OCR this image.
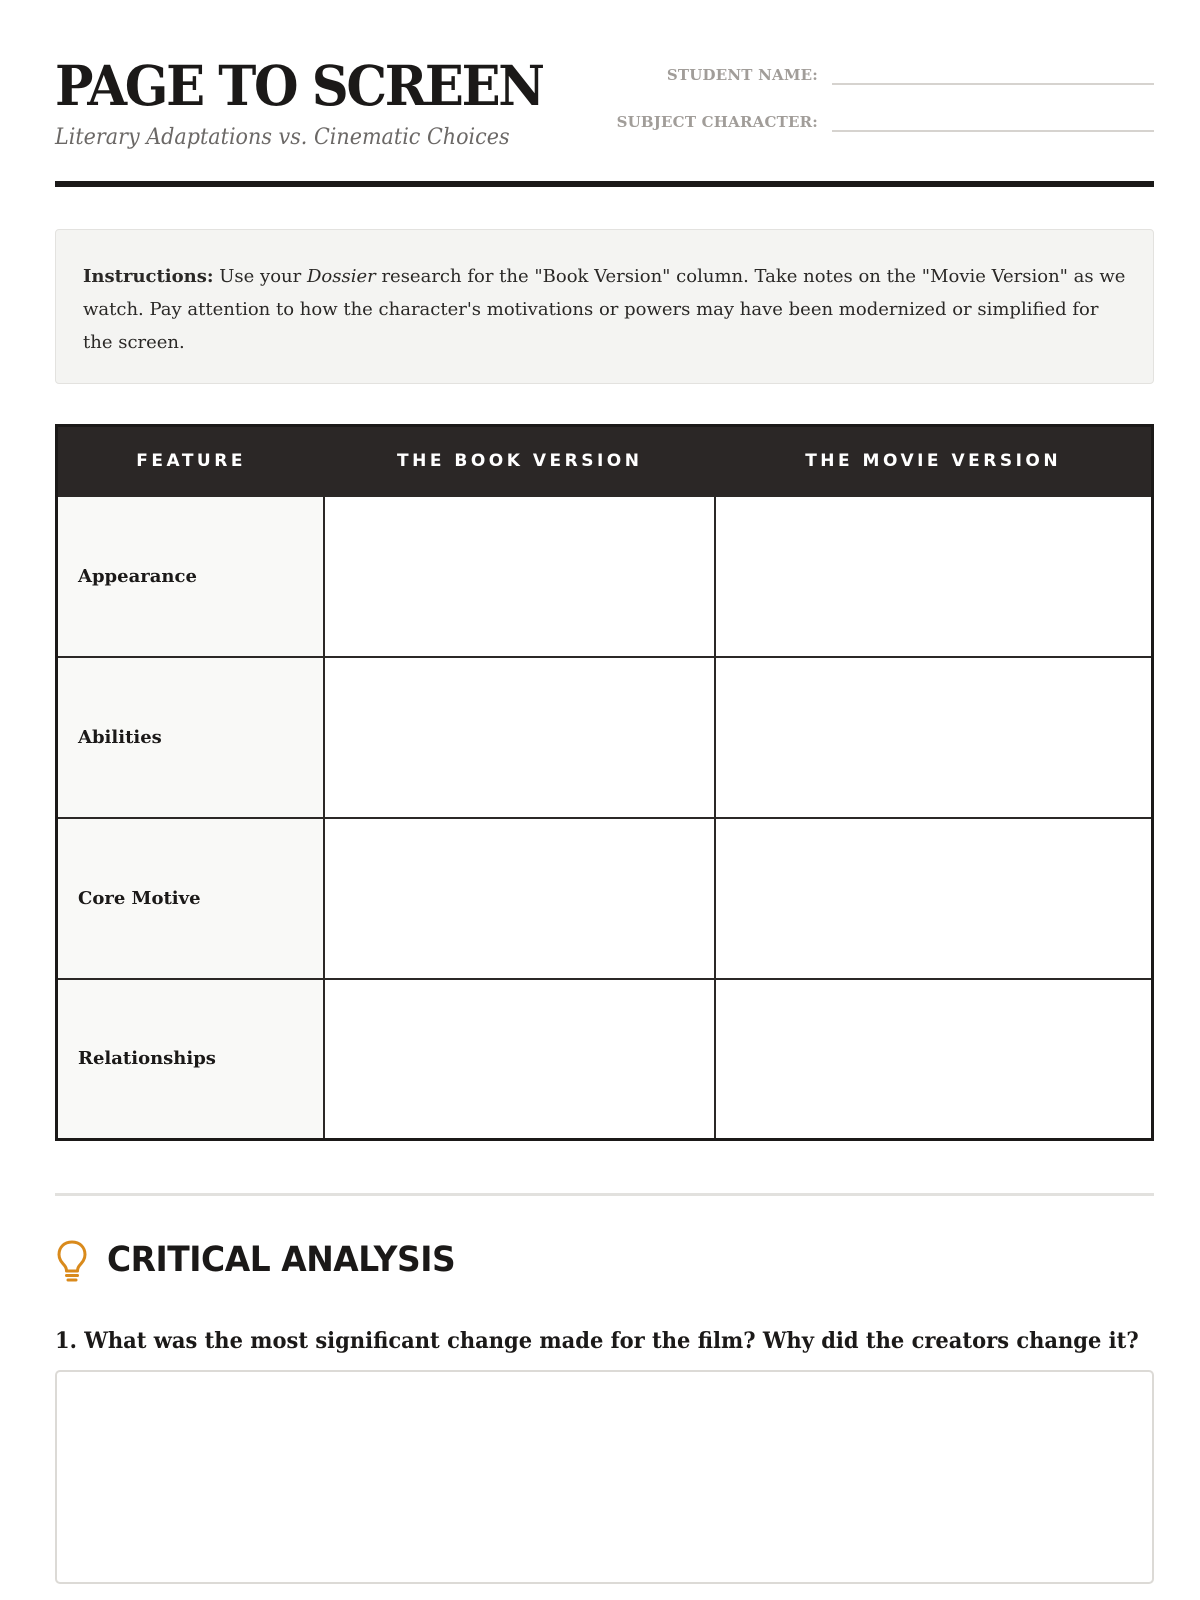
PAGE TO SCREEN
Literary Adaptations vs. Cinematic Choices
STUDENT NAME:
SUBJECT CHARACTER:
Instructions: Use your Dossier research for the "Book Version" column. Take notes on the "Movie Version" as we watch. Pay attention to how the character's motivations or powers may have been modernized or simplified for the screen.
FEATURE	THE BOOK VERSION	THE MOVIE VERSION
Appearance		
Abilities		
Core Motive		
Relationships		
CRITICAL ANALYSIS
1. What was the most significant change made for the film? Why did the creators change it?
